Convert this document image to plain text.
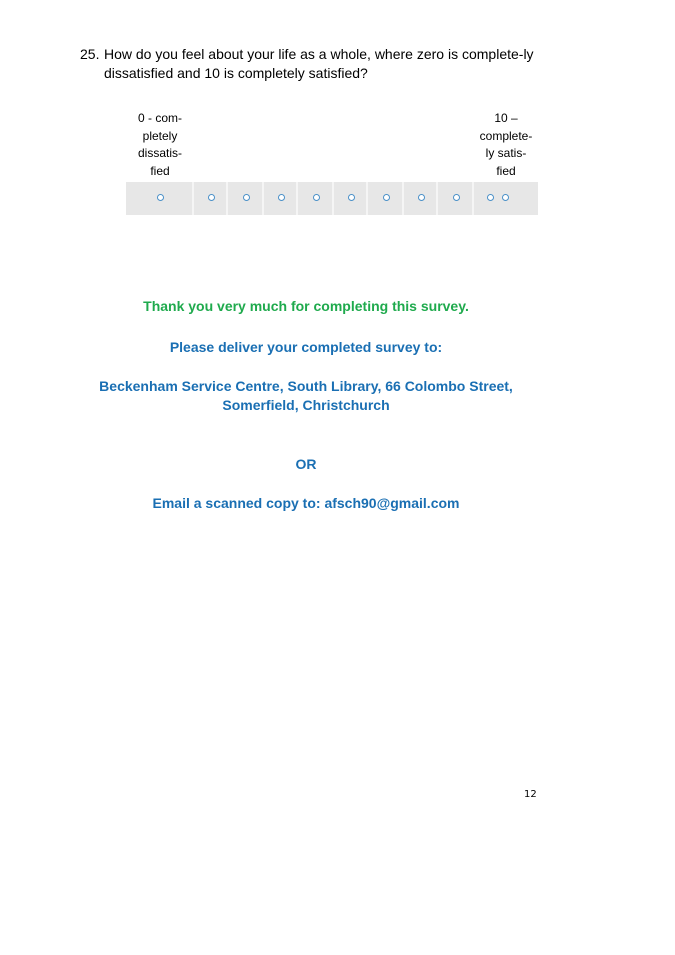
25. How do you feel about your life as a whole, where zero is complete-ly dissatisfied and 10 is completely satisfied?
0 - com-
pletely
dissatis-
fied
10 –
complete-
ly satis-
fied
Thank you very much for completing this survey.
Please deliver your completed survey to:
Beckenham Service Centre, South Library, 66 Colombo Street,
Somerfield, Christchurch
OR
Email a scanned copy to: afsch90@gmail.com
12
